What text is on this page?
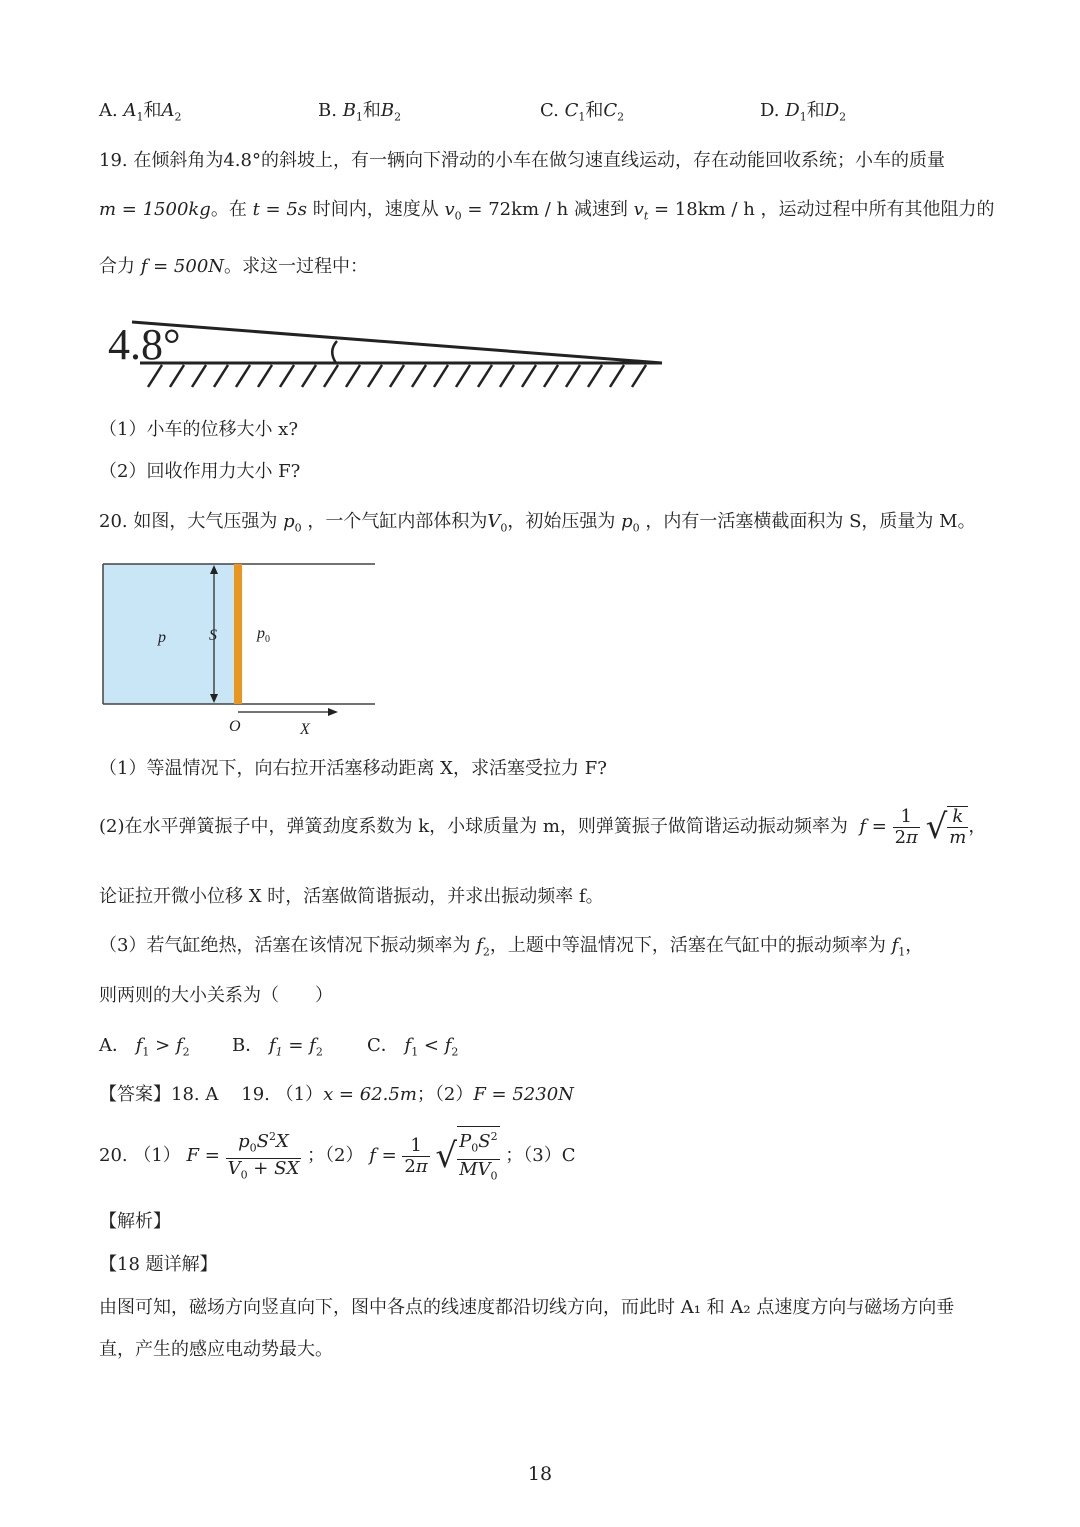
A. $A_1$和$A_2$	B. $B_1$和$B_2$	C. $C_1$和$C_2$	D. $D_1$和$D_2$
19. 在倾斜角为4.8°的斜坡上，有一辆向下滑动的小车在做匀速直线运动，存在动能回收系统；小车的质量
m = 1500kg。在 t = 5s 时间内，速度从 $v_0 = 72km / h$ 减速到 $v_t = 18km / h$ ，运动过程中所有其他阻力的
合力 f = 500N。求这一过程中：
4.8°
（1）小车的位移大小 x?
（2）回收作用力大小 F?
20. 如图，大气压强为 $p_0$ ，一个气缸内部体积为$V_0$，初始压强为 $p_0$ ，内有一活塞横截面积为 S，质量为 M。
p	S	$p_0$
O	X
（1）等温情况下，向右拉开活塞移动距离 X，求活塞受拉力 F?
(2)在水平弹簧振子中，弹簧劲度系数为 k，小球质量为 m，则弹簧振子做简谐运动振动频率为  $f = \frac{1}{2\pi}$ √ $\frac{k}{m}$ ，
论证拉开微小位移 X 时，活塞做简谐振动，并求出振动频率 f。
（3）若气缸绝热，活塞在该情况下振动频率为 $f_2$，上题中等温情况下，活塞在气缸中的振动频率为 $f_1$，
则两则的大小关系为（　　）
A． $f_1 > f_2$ B． $f_1 = f_2$ C． $f_1 < f_2$
【答案】18. A 19. （1）x = 62.5m；（2）F = 5230N
20. （1） $F = \frac{p_0S^2X}{V_0 + SX}$ ；（2） $f = \frac{1}{2\pi}$ √ $\frac{P_0S^2}{MV_0}$ ；（3）C
【解析】
【18 题详解】
由图可知，磁场方向竖直向下，图中各点的线速度都沿切线方向，而此时 A₁ 和 A₂ 点速度方向与磁场方向垂
直，产生的感应电动势最大。
18
